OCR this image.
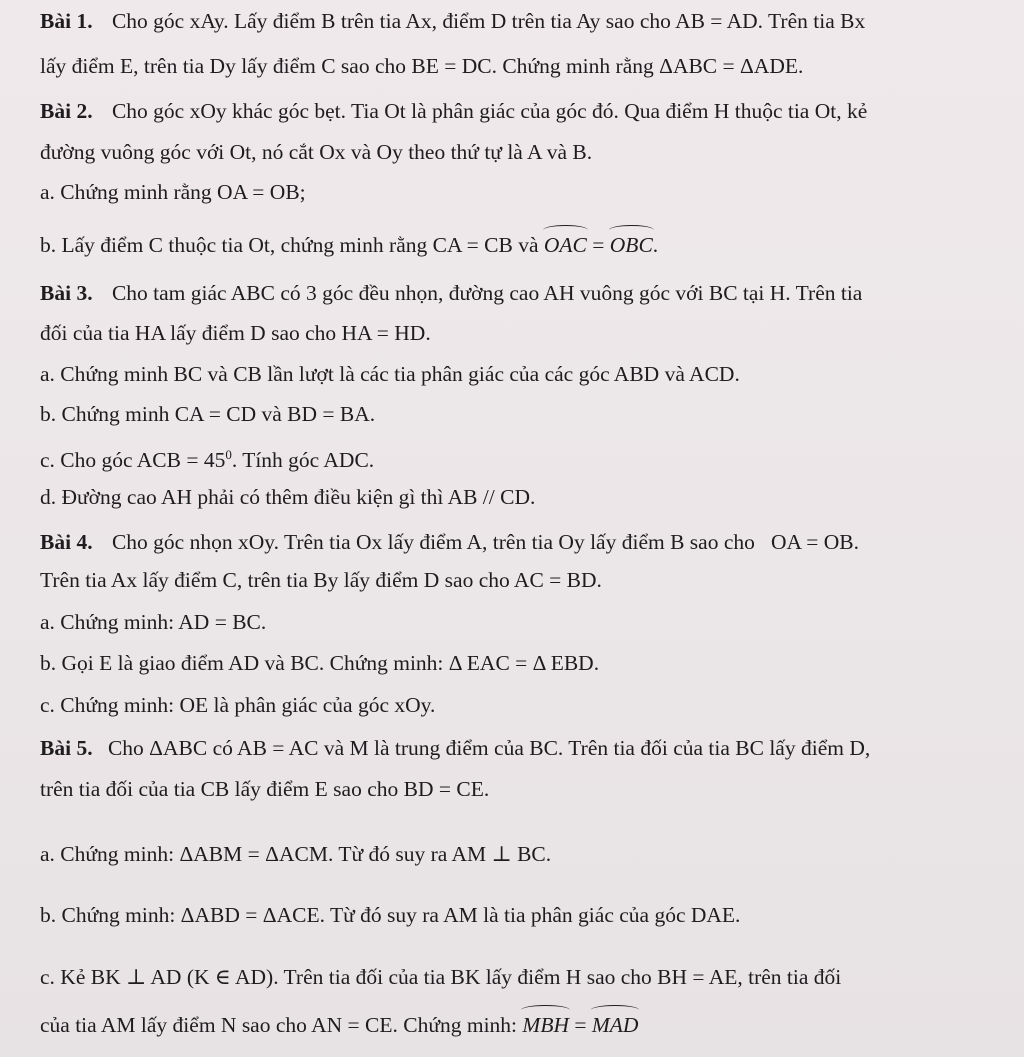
Bài 1. Cho góc xAy. Lấy điểm B trên tia Ax, điểm D trên tia Ay sao cho AB = AD. Trên tia Bx
lấy điểm E, trên tia Dy lấy điểm C sao cho BE = DC. Chứng minh rằng ΔABC = ΔADE.
Bài 2. Cho góc xOy khác góc bẹt. Tia Ot là phân giác của góc đó. Qua điểm H thuộc tia Ot, kẻ
đường vuông góc với Ot, nó cắt Ox và Oy theo thứ tự là A và B.
a. Chứng minh rằng OA = OB;
b. Lấy điểm C thuộc tia Ot, chứng minh rằng CA = CB và OAC = OBC.
Bài 3. Cho tam giác ABC có 3 góc đều nhọn, đường cao AH vuông góc với BC tại H. Trên tia
đối của tia HA lấy điểm D sao cho HA = HD.
a. Chứng minh BC và CB lần lượt là các tia phân giác của các góc ABD và ACD.
b. Chứng minh CA = CD và BD = BA.
c. Cho góc ACB = $45^0$. Tính góc ADC.
d. Đường cao AH phải có thêm điều kiện gì thì AB // CD.
Bài 4. Cho góc nhọn xOy. Trên tia Ox lấy điểm A, trên tia Oy lấy điểm B sao cho   OA = OB.
Trên tia Ax lấy điểm C, trên tia By lấy điểm D sao cho AC = BD.
a. Chứng minh: AD = BC.
b. Gọi E là giao điểm AD và BC. Chứng minh: Δ EAC = Δ EBD.
c. Chứng minh: OE là phân giác của góc xOy.
Bài 5. Cho ΔABC có AB = AC và M là trung điểm của BC. Trên tia đối của tia BC lấy điểm D,
trên tia đối của tia CB lấy điểm E sao cho BD = CE.
a. Chứng minh: ΔABM = ΔACM. Từ đó suy ra AM ⊥ BC.
b. Chứng minh: ΔABD = ΔACE. Từ đó suy ra AM là tia phân giác của góc DAE.
c. Kẻ BK ⊥ AD (K ∈ AD). Trên tia đối của tia BK lấy điểm H sao cho BH = AE, trên tia đối
của tia AM lấy điểm N sao cho AN = CE. Chứng minh: MBH = MAD
